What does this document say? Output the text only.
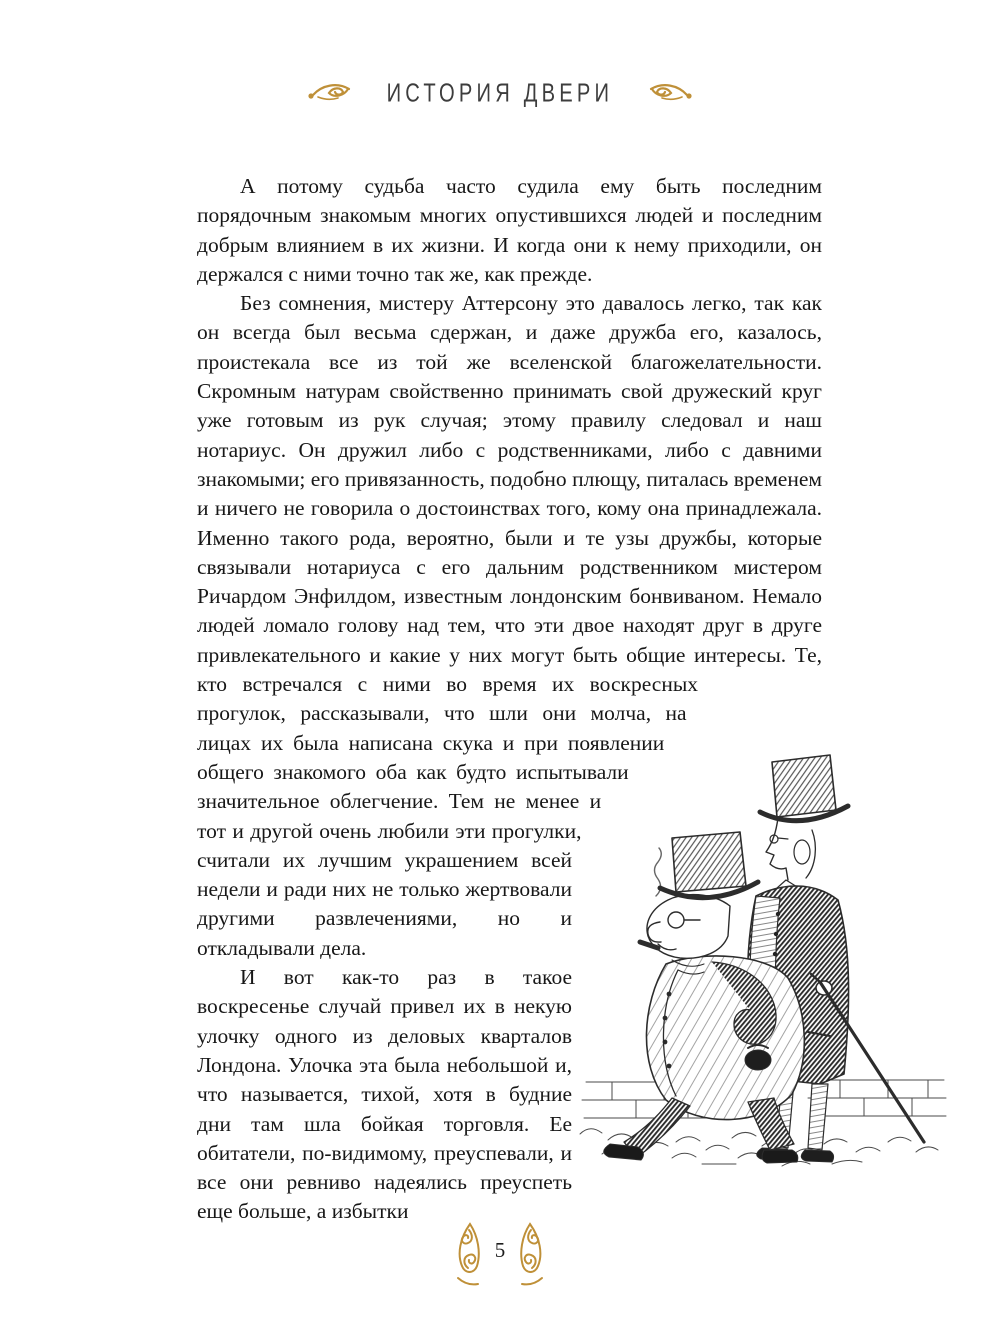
ИСТОРИЯ ДВЕРИ

А потому судьба часто судила ему быть последним порядочным знакомым многих опустившихся людей и последним добрым влиянием в их жизни. И когда они к нему приходили, он держался с ними точно так же, как прежде.

Без сомнения, мистеру Аттерсону это давалось легко, так как он всегда был весьма сдержан, и даже дружба его, казалось, проистекала все из той же вселенской благожелательности. Скромным натурам свойственно принимать свой дружеский круг уже готовым из рук случая; этому правилу следовал и наш нотариус. Он дружил либо с родственниками, либо с давними знакомыми; его привязанность, подобно плющу, питалась временем и ничего не говорила о достоинствах того, кому она принадлежала. Именно такого рода, вероятно, были и те узы дружбы, которые связывали нотариуса с его дальним родственником мистером Ричардом Энфилдом, известным лондонским бонвиваном. Немало людей ломало голову над тем, что эти двое находят друг в друге привлекательного и какие у них могут быть общие интересы. Те, кто встречался с ними во время их воскресных прогулок, рассказывали, что шли они молча, на лицах их была написана скука и при появлении общего знакомого оба как будто испытывали значительное облегчение. Тем не менее и тот и другой очень любили эти прогулки, считали их лучшим украшением всей недели и ради них не только жертвовали другими развлечениями, но и откладывали дела.

И вот как-то раз в такое воскресенье случай привел их в некую улочку одного из деловых кварталов Лондона. Улочка эта была небольшой и, что называется, тихой, хотя в будние дни там шла бойкая торговля. Ее обитатели, по-видимому, преуспевали, и все они ревниво надеялись преуспеть еще больше, а избытки

5
